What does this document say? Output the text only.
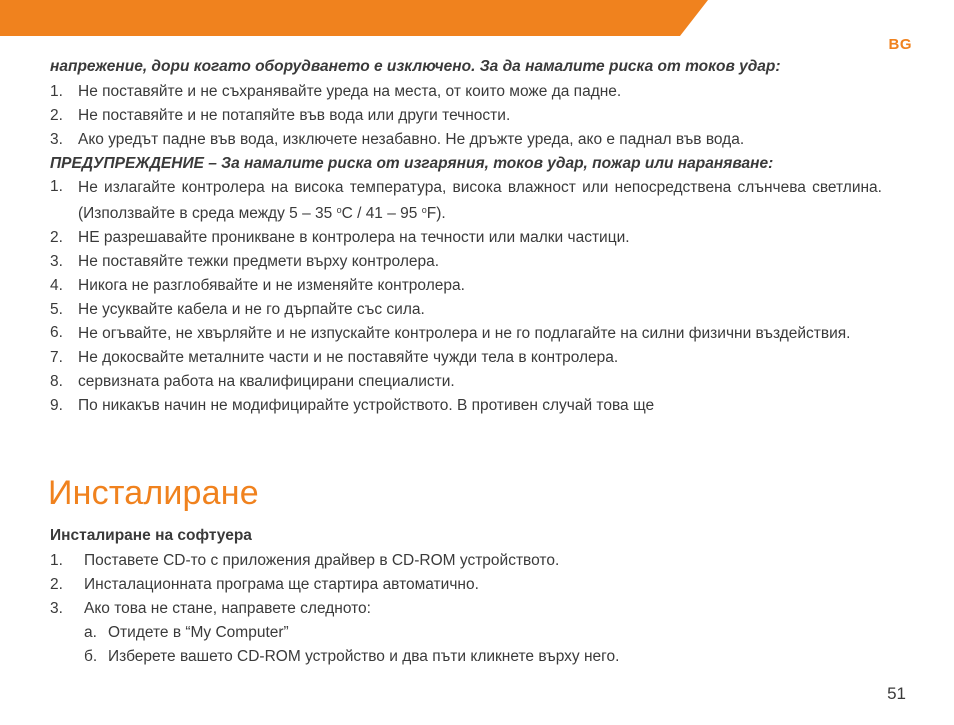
BG

напрежение, дори когато оборудването е изключено. За да намалите риска от токов удар:

1. Не поставяйте и не съхранявайте уреда на места, от които може да падне.
2. Не поставяйте и не потапяйте във вода или други течности.
3. Ако уредът падне във вода, изключете незабавно. Не дръжте уреда, ако е паднал във вода.

ПРЕДУПРЕЖДЕНИЕ – За намалите риска от изгаряния, токов удар, пожар или нараняване:

1. Не излагайте контролера на висока температура, висока влажност или непосредствена слънчева светлина. (Използвайте в среда между 5 – 35 $^o$C / 41 – 95 $^o$F).
2. НЕ разрешавайте проникване в контролера на течности или малки частици.
3. Не поставяйте тежки предмети върху контролера.
4. Никога не разглобявайте и не изменяйте контролера.
5. Не усуквайте кабела и не го дърпайте със сила.
6. Не огъвайте, не хвърляйте и не изпускайте контролера и не го подлагайте на силни физични въздействия.
7. Не докосвайте металните части и не поставяйте чужди тела в контролера.
8. сервизната работа на квалифицирани специалисти.
9. По никакъв начин не модифицирайте устройството. В противен случай това ще
Инсталиране

Инсталиране на софтуера

1. Поставете CD-то с приложения драйвер в CD-ROM устройството.
2. Инсталационната програма ще стартира автоматично.
3. Ако това не стане, направете следното:
a. Отидете в “My Computer”
б. Изберете вашето CD-ROM устройство и два пъти кликнете върху него.
51
